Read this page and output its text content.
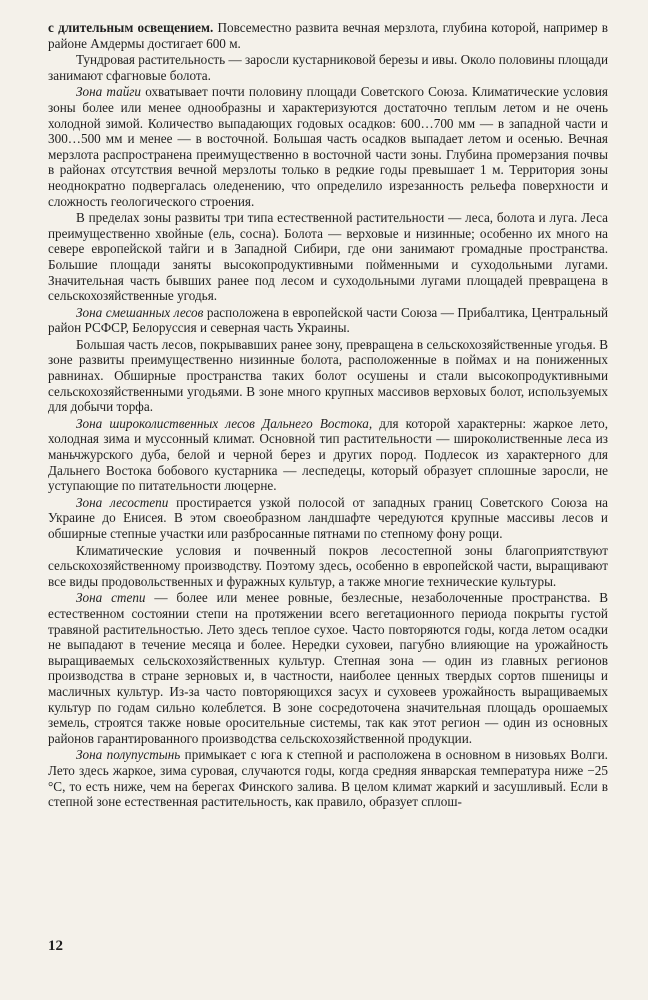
с длительным освещением. Повсеместно развита вечная мерзлота, глубина которой, например в районе Амдермы достигает 600 м.

Тундровая растительность — заросли кустарниковой березы и ивы. Около половины площади занимают сфагновые болота.

Зона тайги охватывает почти половину площади Советского Союза. Климатические условия зоны более или менее однообразны и характеризуются достаточно теплым летом и не очень холодной зимой. Количество выпадающих годовых осадков: 600…700 мм — в западной части и 300…500 мм и менее — в восточной. Большая часть осадков выпадает летом и осенью. Вечная мерзлота распространена преимущественно в восточной части зоны. Глубина промерзания почвы в районах отсутствия вечной мерзлоты только в редкие годы превышает 1 м. Территория зоны неоднократно подвергалась оледенению, что определило изрезанность рельефа поверхности и сложность геологического строения.

В пределах зоны развиты три типа естественной растительности — леса, болота и луга. Леса преимущественно хвойные (ель, сосна). Болота — верховые и низинные; особенно их много на севере европейской тайги и в Западной Сибири, где они занимают громадные пространства. Большие площади заняты высокопродуктивными пойменными и суходольными лугами. Значительная часть бывших ранее под лесом и суходольными лугами площадей превращена в сельскохозяйственные угодья.

Зона смешанных лесов расположена в европейской части Союза — Прибалтика, Центральный район РСФСР, Белоруссия и северная часть Украины.

Большая часть лесов, покрывавших ранее зону, превращена в сельскохозяйственные угодья. В зоне развиты преимущественно низинные болота, расположенные в поймах и на пониженных равнинах. Обширные пространства таких болот осушены и стали высокопродуктивными сельскохозяйственными угодьями. В зоне много крупных массивов верховых болот, используемых для добычи торфа.

Зона широколиственных лесов Дальнего Востока, для которой характерны: жаркое лето, холодная зима и муссонный климат. Основной тип растительности — широколиственные леса из маньчжурского дуба, белой и черной берез и других пород. Подлесок из характерного для Дальнего Востока бобового кустарника — леспедецы, который образует сплошные заросли, не уступающие по питательности люцерне.

Зона лесостепи простирается узкой полосой от западных границ Советского Союза на Украине до Енисея. В этом своеобразном ландшафте чередуются крупные массивы лесов и обширные степные участки или разбросанные пятнами по степному фону рощи.

Климатические условия и почвенный покров лесостепной зоны благоприятствуют сельскохозяйственному производству. Поэтому здесь, особенно в европейской части, выращивают все виды продовольственных и фуражных культур, а также многие технические культуры.

Зона степи — более или менее ровные, безлесные, незаболоченные пространства. В естественном состоянии степи на протяжении всего вегетационного периода покрыты густой травяной растительностью. Лето здесь теплое сухое. Часто повторяются годы, когда летом осадки не выпадают в течение месяца и более. Нередки суховеи, пагубно влияющие на урожайность выращиваемых сельскохозяйственных культур. Степная зона — один из главных регионов производства в стране зерновых и, в частности, наиболее ценных твердых сортов пшеницы и масличных культур. Из-за часто повторяющихся засух и суховеев урожайность выращиваемых культур по годам сильно колеблется. В зоне сосредоточена значительная площадь орошаемых земель, строятся также новые оросительные системы, так как этот регион — один из основных районов гарантированного производства сельскохозяйственной продукции.

Зона полупустынь примыкает с юга к степной и расположена в основном в низовьях Волги. Лето здесь жаркое, зима суровая, случаются годы, когда средняя январская температура ниже −25 °С, то есть ниже, чем на берегах Финского залива. В целом климат жаркий и засушливый. Если в степной зоне естественная растительность, как правило, образует сплош-

12
